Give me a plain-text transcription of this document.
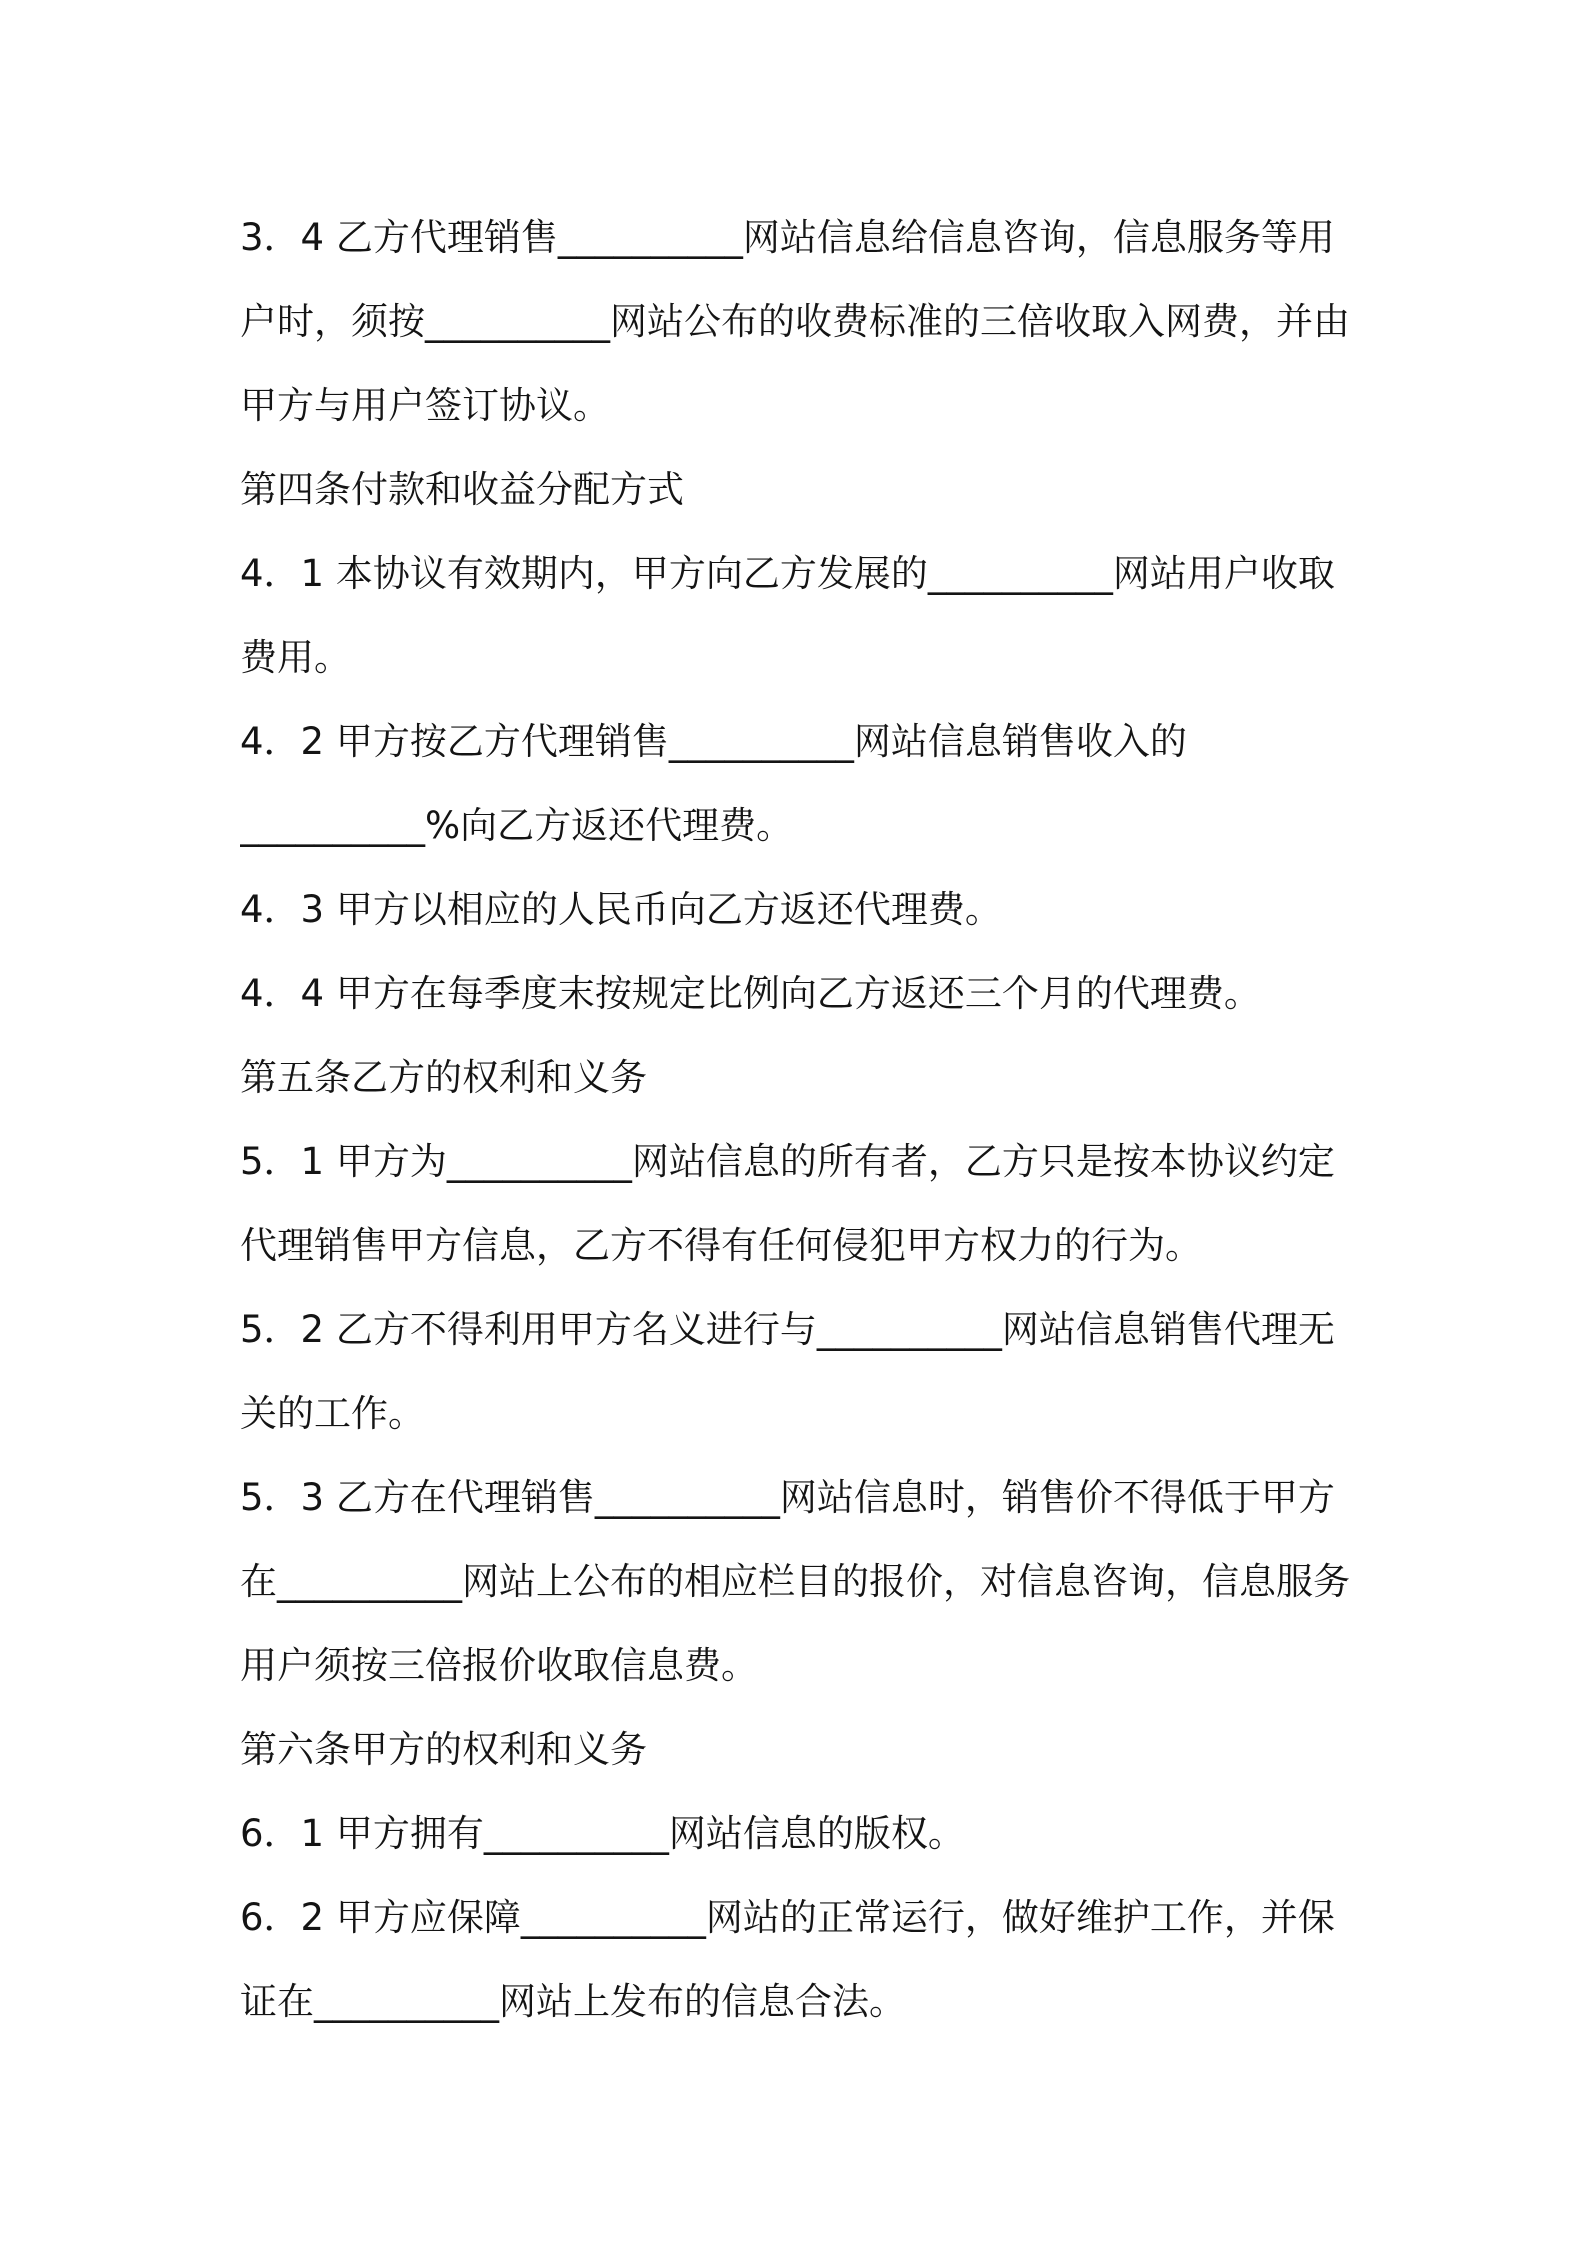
3．4 乙方代理销售__________网站信息给信息咨询，信息服务等用
户时，须按__________网站公布的收费标准的三倍收取入网费，并由
甲方与用户签订协议。
第四条付款和收益分配方式
4．1 本协议有效期内，甲方向乙方发展的__________网站用户收取
费用。
4．2 甲方按乙方代理销售__________网站信息销售收入的
__________%向乙方返还代理费。
4．3 甲方以相应的人民币向乙方返还代理费。
4．4 甲方在每季度末按规定比例向乙方返还三个月的代理费。
第五条乙方的权利和义务
5．1 甲方为__________网站信息的所有者，乙方只是按本协议约定
代理销售甲方信息，乙方不得有任何侵犯甲方权力的行为。
5．2 乙方不得利用甲方名义进行与__________网站信息销售代理无
关的工作。
5．3 乙方在代理销售__________网站信息时，销售价不得低于甲方
在__________网站上公布的相应栏目的报价，对信息咨询，信息服务
用户须按三倍报价收取信息费。
第六条甲方的权利和义务
6．1 甲方拥有__________网站信息的版权。
6．2 甲方应保障__________网站的正常运行，做好维护工作，并保
证在__________网站上发布的信息合法。
